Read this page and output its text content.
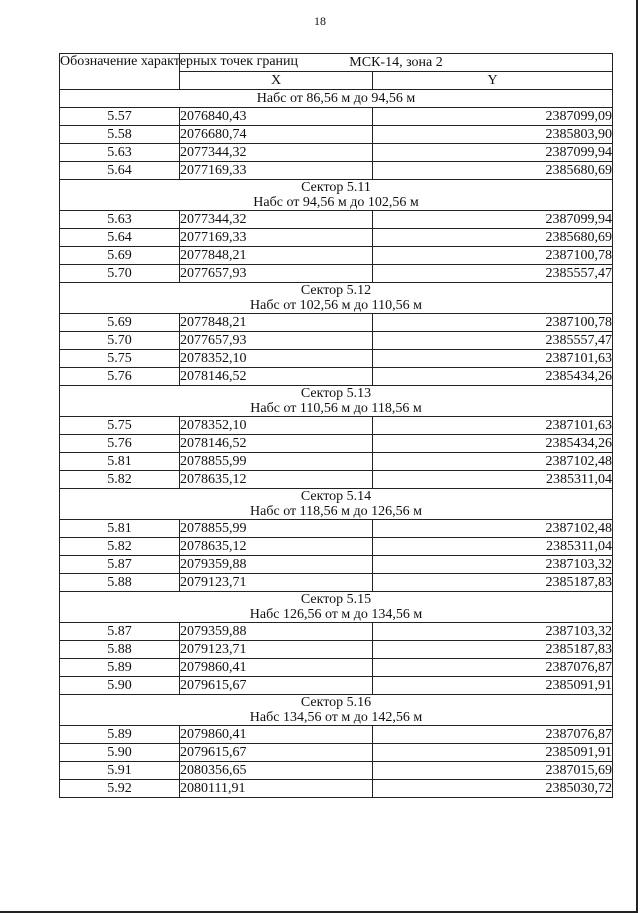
18
Обозначение характерных точек границ	МСК-14, зона 2	
	X	Y

Набс от 86,56 м до 94,56 м		

5.57	2076840,43	2387099,09
5.58	2076680,74	2385803,90
5.63	2077344,32	2387099,94
5.64	2077169,33	2385680,69

Сектор 5.11
Набс от 94,56 м до 102,56 м		

5.63	2077344,32	2387099,94
5.64	2077169,33	2385680,69
5.69	2077848,21	2387100,78
5.70	2077657,93	2385557,47

Сектор 5.12
Набс от 102,56 м до 110,56 м		

5.69	2077848,21	2387100,78
5.70	2077657,93	2385557,47
5.75	2078352,10	2387101,63
5.76	2078146,52	2385434,26

Сектор 5.13
Набс от 110,56 м до 118,56 м		

5.75	2078352,10	2387101,63
5.76	2078146,52	2385434,26
5.81	2078855,99	2387102,48
5.82	2078635,12	2385311,04

Сектор 5.14
Набс от 118,56 м до 126,56 м		

5.81	2078855,99	2387102,48
5.82	2078635,12	2385311,04
5.87	2079359,88	2387103,32
5.88	2079123,71	2385187,83

Сектор 5.15
Набс 126,56 от м до 134,56 м		

5.87	2079359,88	2387103,32
5.88	2079123,71	2385187,83
5.89	2079860,41	2387076,87
5.90	2079615,67	2385091,91

Сектор 5.16
Набс 134,56 от м до 142,56 м		

5.89	2079860,41	2387076,87
5.90	2079615,67	2385091,91
5.91	2080356,65	2387015,69
5.92	2080111,91	2385030,72
